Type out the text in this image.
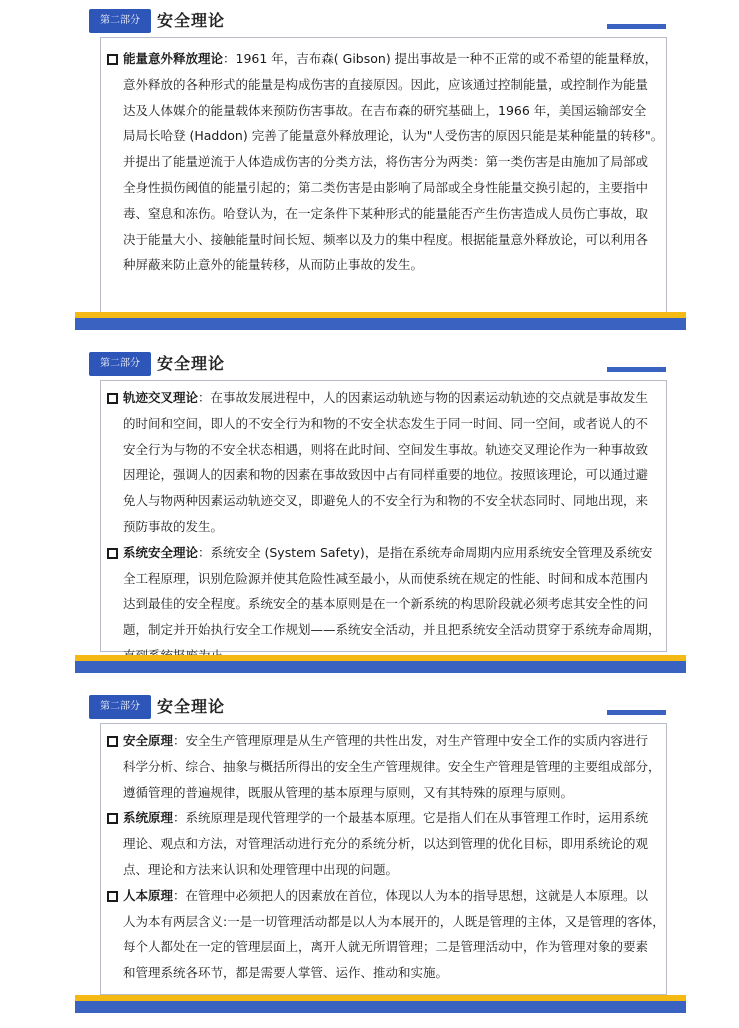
第二部分	安全理论
能量意外释放理论：1961 年，吉布森( Gibson) 提出事故是一种不正常的或不希望的能量释放，
意外释放的各种形式的能量是构成伤害的直接原因。因此，应该通过控制能量，或控制作为能量
达及人体媒介的能量载体来预防伤害事故。在吉布森的研究基础上，1966 年，美国运输部安全
局局长哈登 (Haddon) 完善了能量意外释放理论，认为"人受伤害的原因只能是某种能量的转移"。
并提出了能量逆流于人体造成伤害的分类方法，将伤害分为两类：第一类伤害是由施加了局部或
全身性损伤阈值的能量引起的；第二类伤害是由影响了局部或全身性能量交换引起的，主要指中
毒、窒息和冻伤。哈登认为，在一定条件下某种形式的能量能否产生伤害造成人员伤亡事故，取
决于能量大小、接触能量时间长短、频率以及力的集中程度。根据能量意外释放论，可以利用各
种屏蔽来防止意外的能量转移，从而防止事故的发生。
第二部分	安全理论
轨迹交叉理论：在事故发展进程中，人的因素运动轨迹与物的因素运动轨迹的交点就是事故发生
的时间和空间，即人的不安全行为和物的不安全状态发生于同一时间、同一空间，或者说人的不
安全行为与物的不安全状态相遇，则将在此时间、空间发生事故。轨迹交叉理论作为一种事故致
因理论，强调人的因素和物的因素在事故致因中占有同样重要的地位。按照该理论，可以通过避
免人与物两种因素运动轨迹交叉，即避免人的不安全行为和物的不安全状态同时、同地出现，来
预防事故的发生。
系统安全理论：系统安全 (System Safety)，是指在系统寿命周期内应用系统安全管理及系统安
全工程原理，识别危险源并使其危险性减至最小，从而使系统在规定的性能、时间和成本范围内
达到最佳的安全程度。系统安全的基本原则是在一个新系统的构思阶段就必须考虑其安全性的问
题，制定并开始执行安全工作规划——系统安全活动，并且把系统安全活动贯穿于系统寿命周期，
第二部分	安全理论
安全原理：安全生产管理原理是从生产管理的共性出发，对生产管理中安全工作的实质内容进行
科学分析、综合、抽象与概括所得出的安全生产管理规律。安全生产管理是管理的主要组成部分，
遵循管理的普遍规律，既服从管理的基本原理与原则，又有其特殊的原理与原则。
系统原理：系统原理是现代管理学的一个最基本原理。它是指人们在从事管理工作时，运用系统
理论、观点和方法，对管理活动进行充分的系统分析，以达到管理的优化目标，即用系统论的观
点、理论和方法来认识和处理管理中出现的问题。
人本原理：在管理中必须把人的因素放在首位，体现以人为本的指导思想，这就是人本原理。以
人为本有两层含义:一是一切管理活动都是以人为本展开的，人既是管理的主体，又是管理的客体，
每个人都处在一定的管理层面上，离开人就无所谓管理；二是管理活动中，作为管理对象的要素
和管理系统各环节，都是需要人掌管、运作、推动和实施。
